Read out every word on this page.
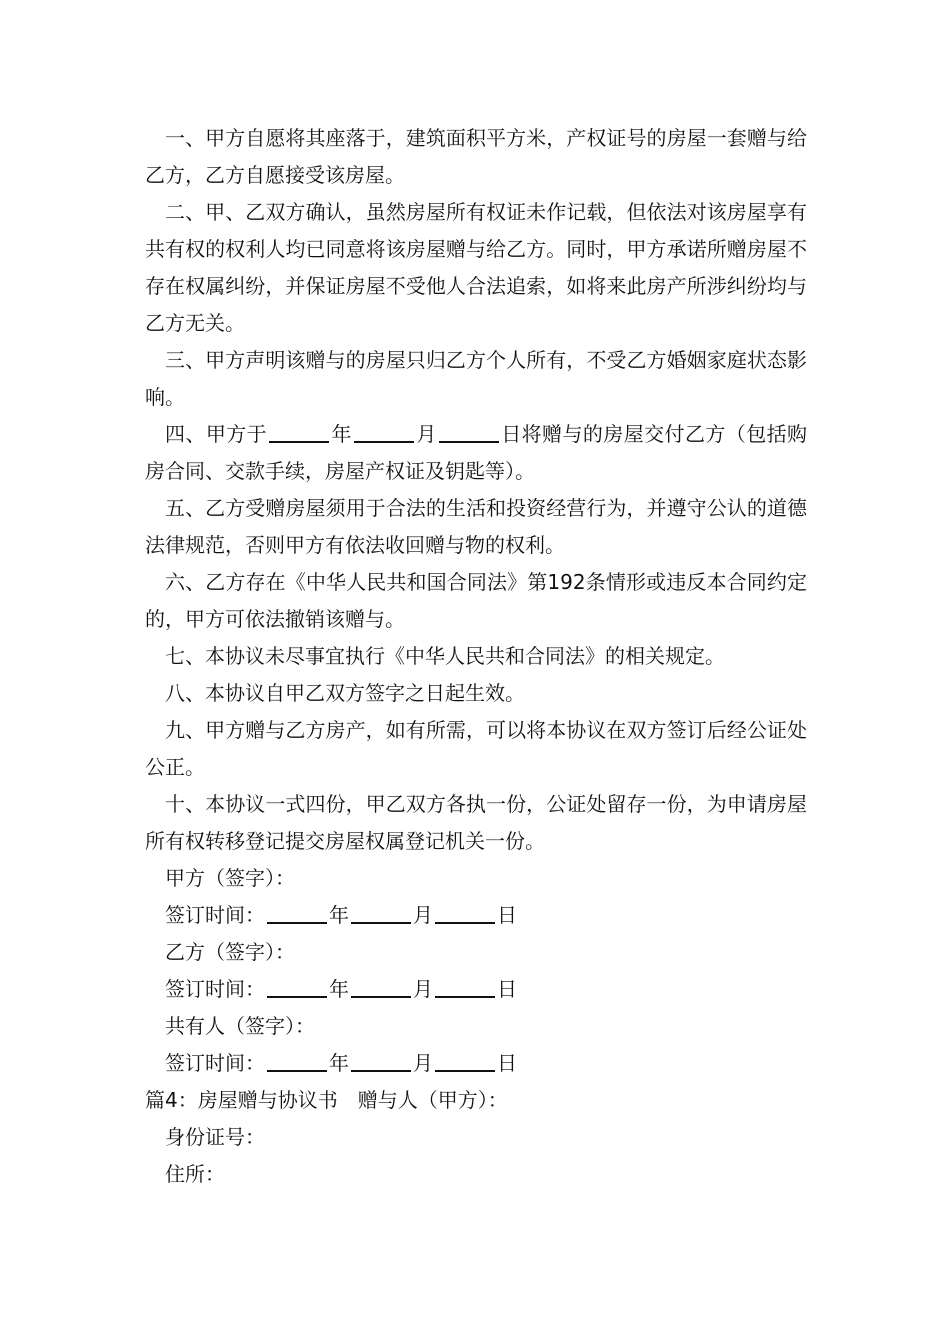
一、甲方自愿将其座落于，建筑面积平方米，产权证号的房屋一套赠与给乙方，乙方自愿接受该房屋。

二、甲、乙双方确认，虽然房屋所有权证未作记载，但依法对该房屋享有共有权的权利人均已同意将该房屋赠与给乙方。同时，甲方承诺所赠房屋不存在权属纠纷，并保证房屋不受他人合法追索，如将来此房产所涉纠纷均与乙方无关。

三、甲方声明该赠与的房屋只归乙方个人所有，不受乙方婚姻家庭状态影响。

四、甲方于	年	月	日将赠与的房屋交付乙方（包括购房合同、交款手续，房屋产权证及钥匙等）。

五、乙方受赠房屋须用于合法的生活和投资经营行为，并遵守公认的道德法律规范，否则甲方有依法收回赠与物的权利。

六、乙方存在《中华人民共和国合同法》第192条情形或违反本合同约定的，甲方可依法撤销该赠与。

七、本协议未尽事宜执行《中华人民共和合同法》的相关规定。

八、本协议自甲乙双方签字之日起生效。

九、甲方赠与乙方房产，如有所需，可以将本协议在双方签订后经公证处公正。

十、本协议一式四份，甲乙双方各执一份，公证处留存一份，为申请房屋所有权转移登记提交房屋权属登记机关一份。

甲方（签字）：

签订时间：	年	月	日

乙方（签字）：

签订时间：	年	月	日

共有人（签字）：

签订时间：	年	月	日

篇4：房屋赠与协议书　赠与人（甲方）：

身份证号：

住所：
